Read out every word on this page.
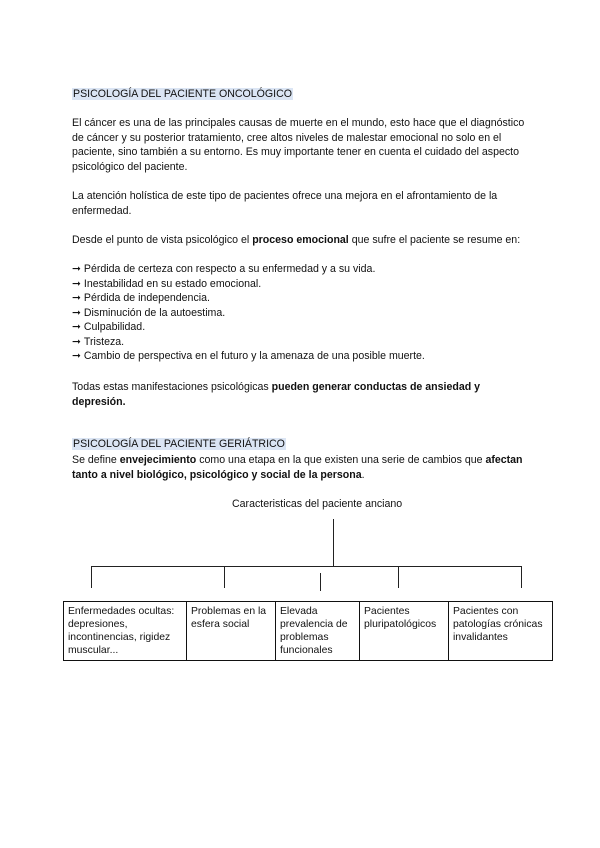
PSICOLOGÍA DEL PACIENTE ONCOLÓGICO

El cáncer es una de las principales causas de muerte en el mundo, esto hace que el diagnóstico de cáncer y su posterior tratamiento, cree altos niveles de malestar emocional no solo en el paciente, sino también a su entorno. Es muy importante tener en cuenta el cuidado del aspecto psicológico del paciente.

La atención holística de este tipo de pacientes ofrece una mejora en el afrontamiento de la enfermedad.

Desde el punto de vista psicológico el proceso emocional que sufre el paciente se resume en:

➞ Pérdida de certeza con respecto a su enfermedad y a su vida.
➞ Inestabilidad en su estado emocional.
➞ Pérdida de independencia.
➞ Disminución de la autoestima.
➞ Culpabilidad.
➞ Tristeza.
➞ Cambio de perspectiva en el futuro y la amenaza de una posible muerte.

Todas estas manifestaciones psicológicas pueden generar conductas de ansiedad y depresión.

PSICOLOGÍA DEL PACIENTE GERIÁTRICO

Se define envejecimiento como una etapa en la que existen una serie de cambios que afectan tanto a nivel biológico, psicológico y social de la persona.

Caracteristicas del paciente anciano
Enfermedades ocultas: depresiones, incontinencias, rigidez muscular...
Problemas en la esfera social
Elevada prevalencia de problemas funcionales
Pacientes pluripatológicos
Pacientes con patologías crónicas invalidantes
